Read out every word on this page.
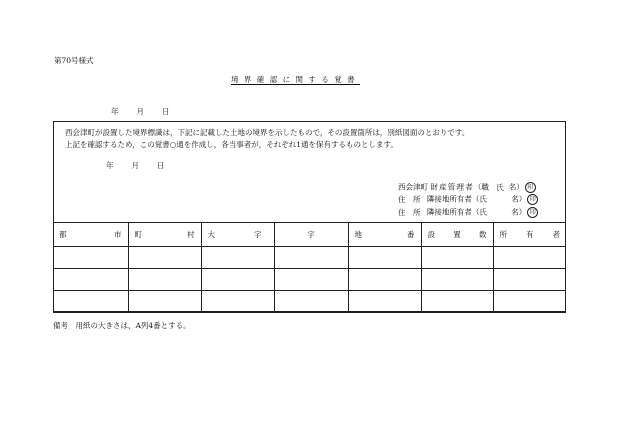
第70号様式
境界確認に関する覚書
年 月 日
西会津町が設置した境界標識は，下記に記載した土地の境界を示したもので，その設置箇所は，別紙図面のとおりです。
上記を確認するため，この覚書○通を作成し，各当事者が，それぞれ1通を保有するものとします。
年 月 日
西会津町 財産管理者（職 氏 名） 印
住　所 隣接地所有者（氏	名） 印
住　所 隣接地所有者（氏	名） 印
都 市	町 村	大 字	字	地 番	設 置 数	所 有 者

備考　用紙の大きさは，A列4番とする。
